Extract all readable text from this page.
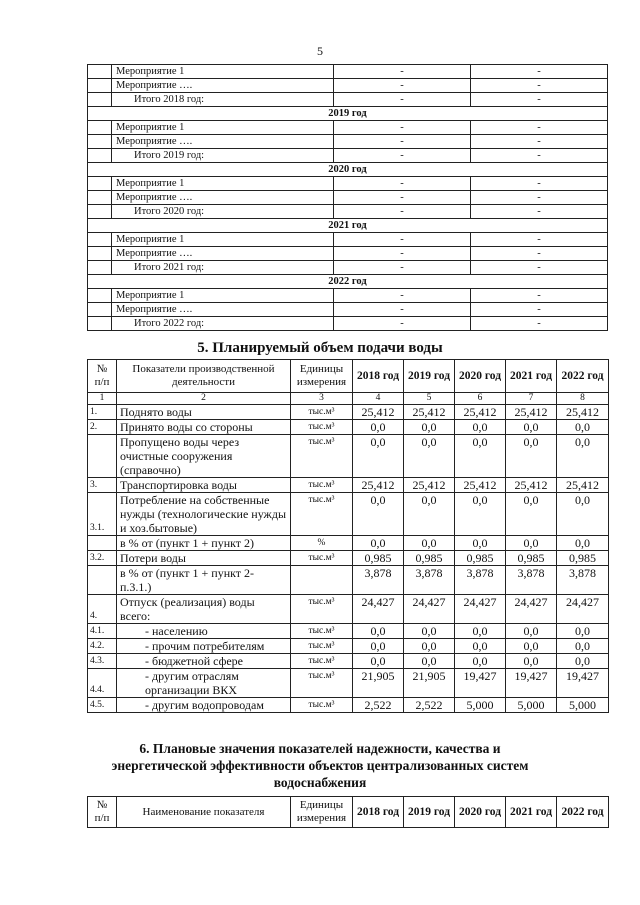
5
	Мероприятие 1	-	-
	Мероприятие ….	-	-
	Итого 2018 год:	-	-
2019 год			
	Мероприятие 1	-	-
	Мероприятие ….	-	-
	Итого 2019 год:	-	-
2020 год			
	Мероприятие 1	-	-
	Мероприятие ….	-	-
	Итого 2020 год:	-	-
2021 год			
	Мероприятие 1	-	-
	Мероприятие ….	-	-
	Итого 2021 год:	-	-
2022 год			
	Мероприятие 1	-	-
	Мероприятие ….	-	-
	Итого 2022 год:	-	-
5. Планируемый объем подачи воды
№ п/п	Показатели производственной деятельности	Единицы измерения	2018 год	2019 год	2020 год	2021 год	2022 год
1	2	3	4	5	6	7	8
1.	Поднято воды	тыс.м³	25,412	25,412	25,412	25,412	25,412
2.	Принято воды со стороны	тыс.м³	0,0	0,0	0,0	0,0	0,0
	Пропущено воды через очистные сооружения (справочно)	тыс.м³	0,0	0,0	0,0	0,0	0,0
3.	Транспортировка воды	тыс.м³	25,412	25,412	25,412	25,412	25,412
3.1.	Потребление на собственные нужды (технологические нужды и хоз.бытовые)	тыс.м³	0,0	0,0	0,0	0,0	0,0
	в % от (пункт 1 + пункт 2)	%	0,0	0,0	0,0	0,0	0,0
3.2.	Потери воды	тыс.м³	0,985	0,985	0,985	0,985	0,985
	в % от (пункт 1 + пункт 2- п.3.1.)		3,878	3,878	3,878	3,878	3,878
4.	Отпуск (реализация) воды всего:	тыс.м³	24,427	24,427	24,427	24,427	24,427
4.1.	- населению	тыс.м³	0,0	0,0	0,0	0,0	0,0
4.2.	- прочим потребителям	тыс.м³	0,0	0,0	0,0	0,0	0,0
4.3.	- бюджетной сфере	тыс.м³	0,0	0,0	0,0	0,0	0,0
4.4.	- другим отраслям организации ВКХ	тыс.м³	21,905	21,905	19,427	19,427	19,427
4.5.	- другим водопроводам	тыс.м³	2,522	2,522	5,000	5,000	5,000
6. Плановые значения показателей надежности, качества и
энергетической эффективности объектов централизованных систем
водоснабжения
№ п/п	Наименование показателя	Единицы измерения	2018 год	2019 год	2020 год	2021 год	2022 год
